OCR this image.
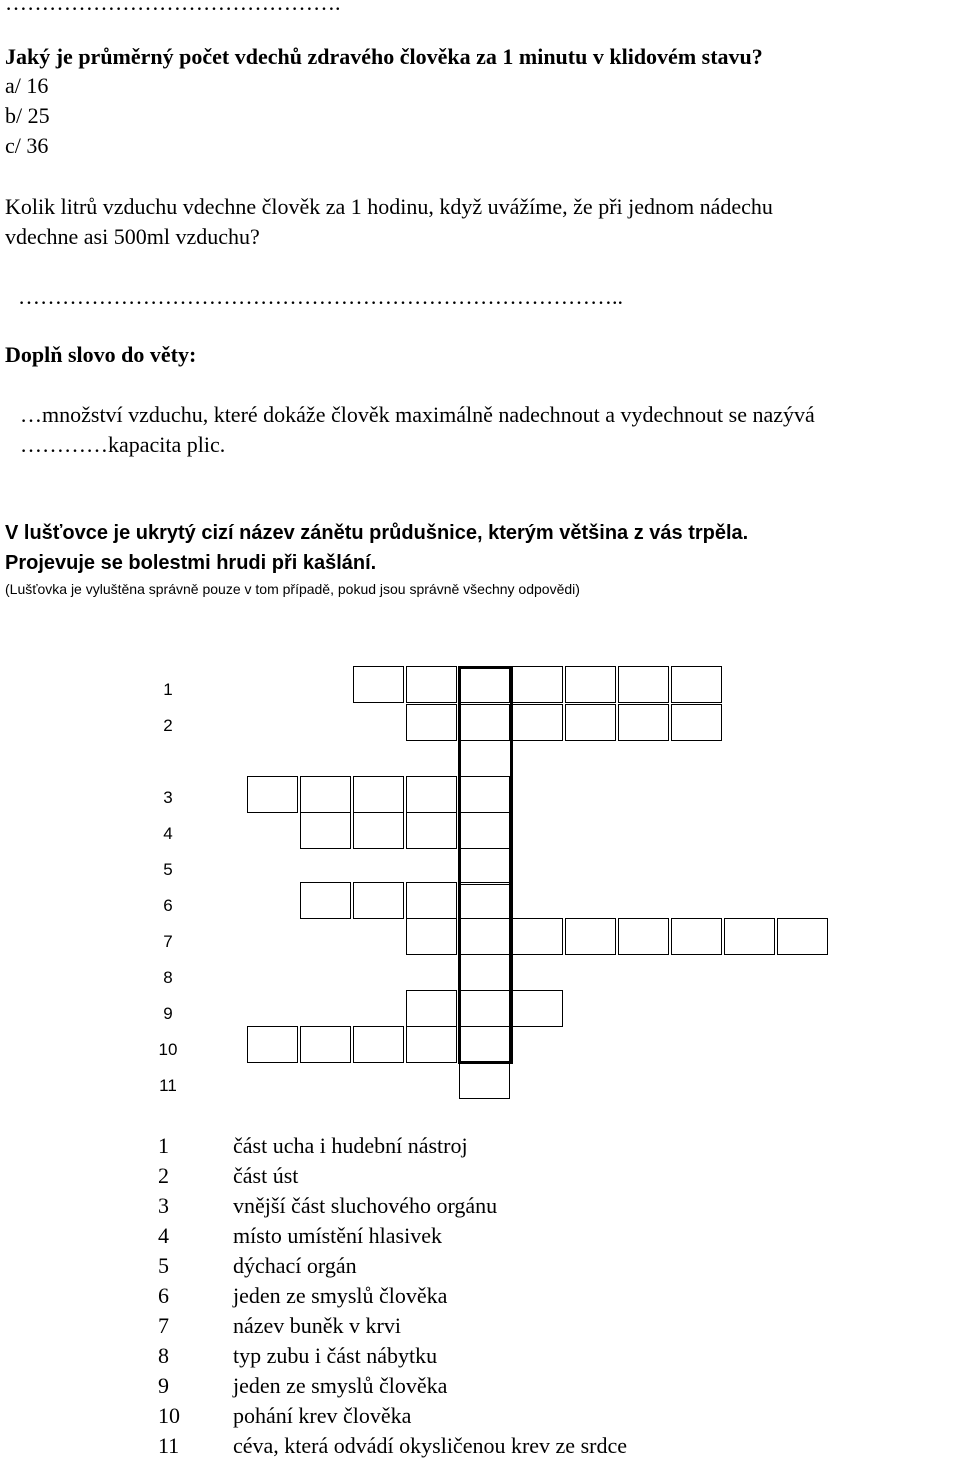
……………………………………….
Jaký je průměrný počet vdechů zdravého člověka za 1 minutu v klidovém stavu?
a/ 16
b/ 25
c/ 36
Kolik litrů vzduchu vdechne člověk za 1 hodinu, když uvážíme, že při jednom nádechu
vdechne asi 500ml vzduchu?
………………………………………………………………………..
Doplň slovo do věty:
…množství vzduchu, které dokáže člověk maximálně nadechnout a vydechnout se nazývá
…………kapacita plic.
V lušťovce je ukrytý cizí název zánětu průdušnice, kterým většina z vás trpěla.
Projevuje se bolestmi hrudi při kašlání.
(Lušťovka je vyluštěna správně pouze v tom případě, pokud jsou správně všechny odpovědi)
1
2
3
4
5
6
7
8
9
10
11
1	část ucha i hudební nástroj
2	část úst
3	vnější část sluchového orgánu
4	místo umístění hlasivek
5	dýchací orgán
6	jeden ze smyslů člověka
7	název buněk v krvi
8	typ zubu i část nábytku
9	jeden ze smyslů člověka
10 pohání krev člověka
11 céva, která odvádí okysličenou krev ze srdce
